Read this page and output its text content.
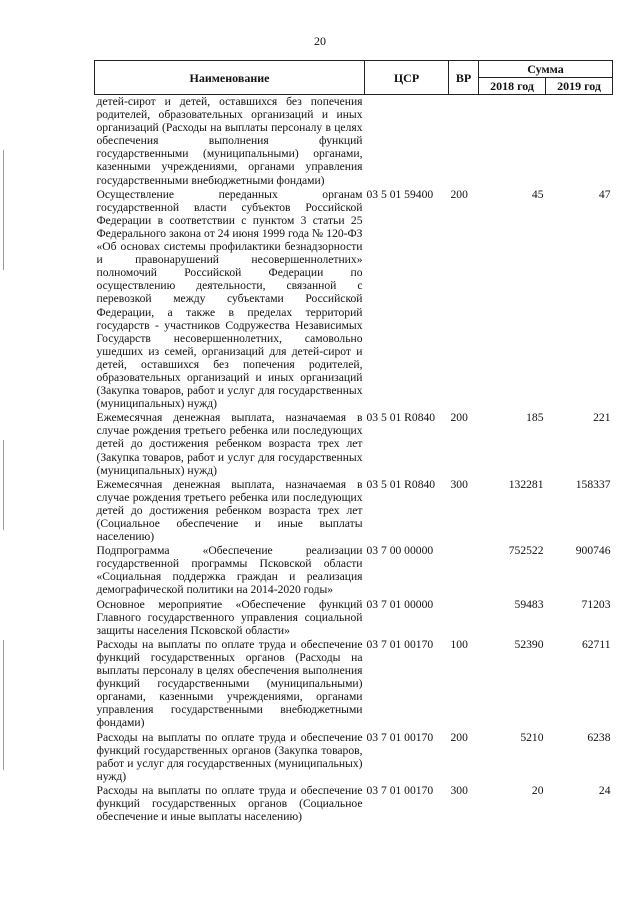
20
Наименование	ЦСР	ВР	Сумма	
			2018 год	2019 год
детей-сирот и детей, оставшихся без попечения родителей, образовательных организаций и иных организаций (Расходы на выплаты персоналу в целях обеспечения выполнения функций государственными (муниципальными) органами, казенными учреждениями, органами управления государственными внебюджетными фондами)				
Осуществление переданных органам государственной власти субъектов Российской Федерации в соответствии с пунктом 3 статьи 25 Федерального закона от 24 июня 1999 года № 120-ФЗ «Об основах системы профилактики безнадзорности и правонарушений несовершеннолетних» полномочий Российской Федерации по осуществлению деятельности, связанной с перевозкой между субъектами Российской Федерации, а также в пределах территорий государств - участников Содружества Независимых Государств несовершеннолетних, самовольно ушедших из семей, организаций для детей-сирот и детей, оставшихся без попечения родителей, образовательных организаций и иных организаций (Закупка товаров, работ и услуг для государственных (муниципальных) нужд)	03 5 01 59400	200	45	47
Ежемесячная денежная выплата, назначаемая в случае рождения третьего ребенка или последующих детей до достижения ребенком возраста трех лет (Закупка товаров, работ и услуг для государственных (муниципальных) нужд)	03 5 01 R0840	200	185	221
Ежемесячная денежная выплата, назначаемая в случае рождения третьего ребенка или последующих детей до достижения ребенком возраста трех лет (Социальное обеспечение и иные выплаты населению)	03 5 01 R0840	300	132281	158337
Подпрограмма «Обеспечение реализации государственной программы Псковской области «Социальная поддержка граждан и реализация демографической политики на 2014-2020 годы»	03 7 00 00000		752522	900746
Основное мероприятие «Обеспечение функций Главного государственного управления социальной защиты населения Псковской области»	03 7 01 00000		59483	71203
Расходы на выплаты по оплате труда и обеспечение функций государственных органов (Расходы на выплаты персоналу в целях обеспечения выполнения функций государственными (муниципальными) органами, казенными учреждениями, органами управления государственными внебюджетными фондами)	03 7 01 00170	100	52390	62711
Расходы на выплаты по оплате труда и обеспечение функций государственных органов (Закупка товаров, работ и услуг для государственных (муниципальных) нужд)	03 7 01 00170	200	5210	6238
Расходы на выплаты по оплате труда и обеспечение функций государственных органов (Социальное обеспечение и иные выплаты населению)	03 7 01 00170	300	20	24
